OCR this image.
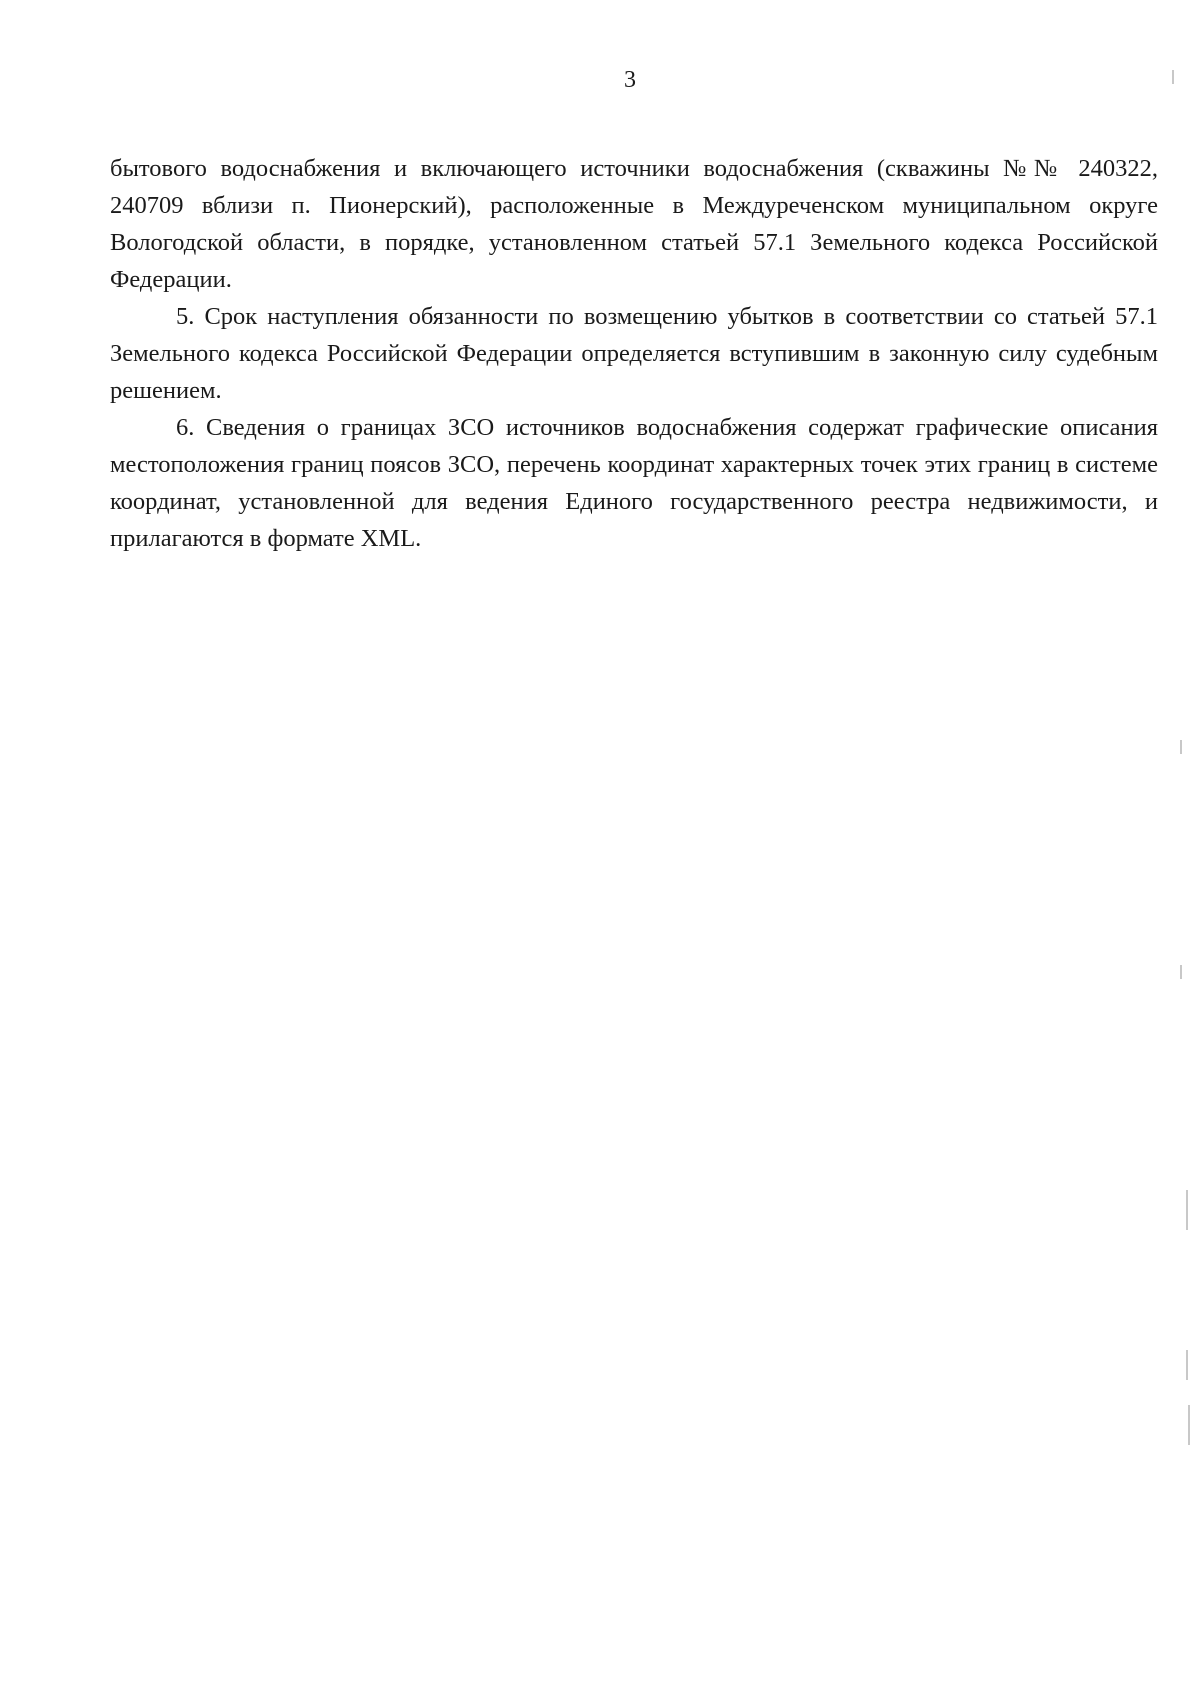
3

бытового водоснабжения и включающего источники водоснабжения (скважины №№ 240322, 240709 вблизи п. Пионерский), расположенные в Междуреченском муниципальном округе Вологодской области, в порядке, установленном статьей 57.1 Земельного кодекса Российской Федерации.

5. Срок наступления обязанности по возмещению убытков в соответствии со статьей 57.1 Земельного кодекса Российской Федерации определяется вступившим в законную силу судебным решением.

6. Сведения о границах ЗСО источников водоснабжения содержат графические описания местоположения границ поясов ЗСО, перечень координат характерных точек этих границ в системе координат, установленной для ведения Единого государственного реестра недвижимости, и прилагаются в формате XML.
